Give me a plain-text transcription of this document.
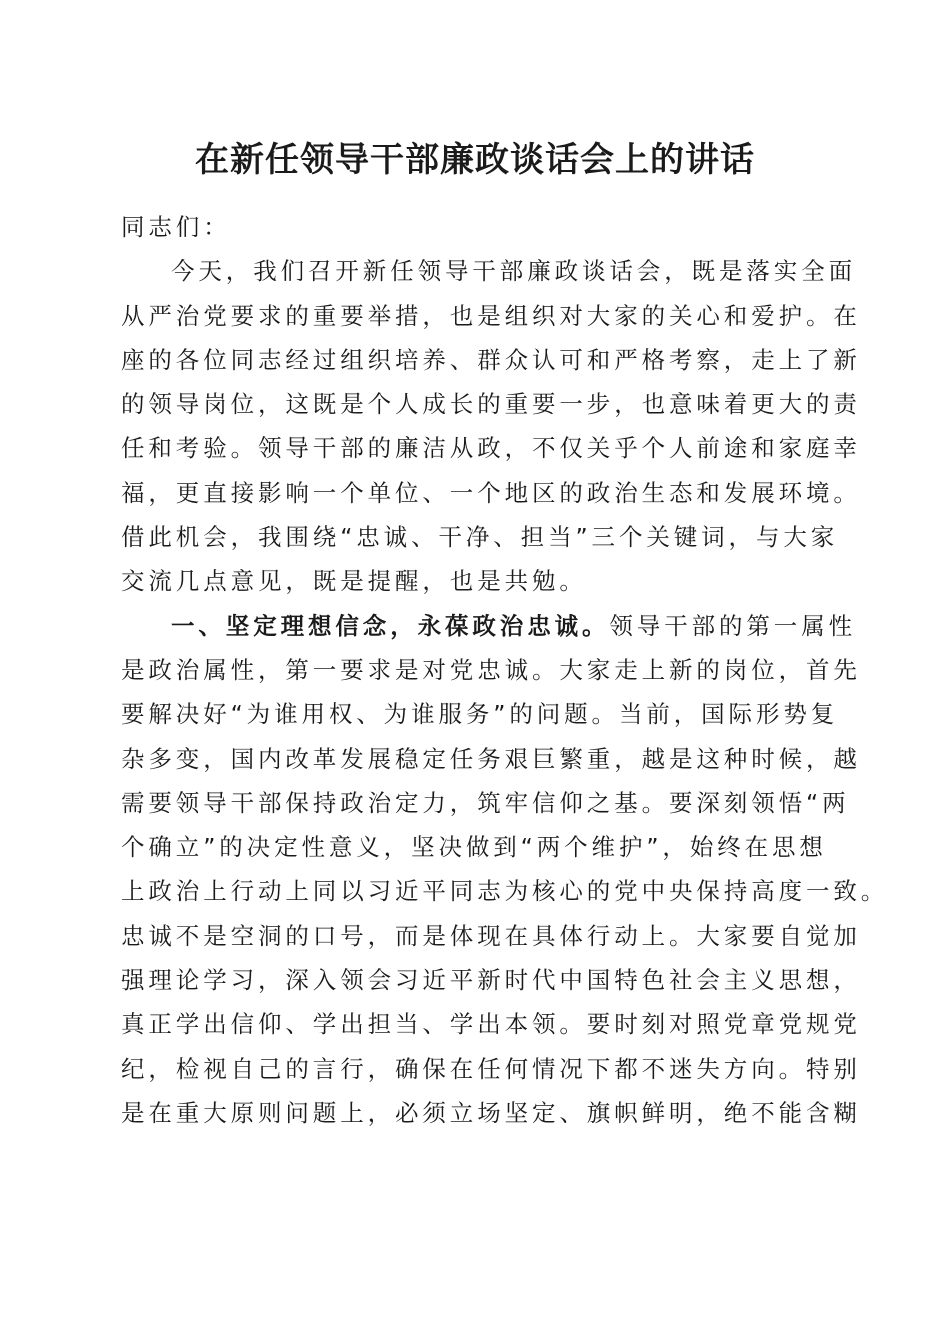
在新任领导干部廉政谈话会上的讲话
同志们：
今天，我们召开新任领导干部廉政谈话会，既是落实全面
从严治党要求的重要举措，也是组织对大家的关心和爱护。在
座的各位同志经过组织培养、群众认可和严格考察，走上了新
的领导岗位，这既是个人成长的重要一步，也意味着更大的责
任和考验。领导干部的廉洁从政，不仅关乎个人前途和家庭幸
福，更直接影响一个单位、一个地区的政治生态和发展环境。
借此机会，我围绕“忠诚、干净、担当”三个关键词，与大家
交流几点意见，既是提醒，也是共勉。
一、坚定理想信念，永葆政治忠诚。领导干部的第一属性
是政治属性，第一要求是对党忠诚。大家走上新的岗位，首先
要解决好“为谁用权、为谁服务”的问题。当前，国际形势复
杂多变，国内改革发展稳定任务艰巨繁重，越是这种时候，越
需要领导干部保持政治定力，筑牢信仰之基。要深刻领悟“两
个确立”的决定性意义，坚决做到“两个维护”，始终在思想
上政治上行动上同以习近平同志为核心的党中央保持高度一致。
忠诚不是空洞的口号，而是体现在具体行动上。大家要自觉加
强理论学习，深入领会习近平新时代中国特色社会主义思想，
真正学出信仰、学出担当、学出本领。要时刻对照党章党规党
纪，检视自己的言行，确保在任何情况下都不迷失方向。特别
是在重大原则问题上，必须立场坚定、旗帜鲜明，绝不能含糊
